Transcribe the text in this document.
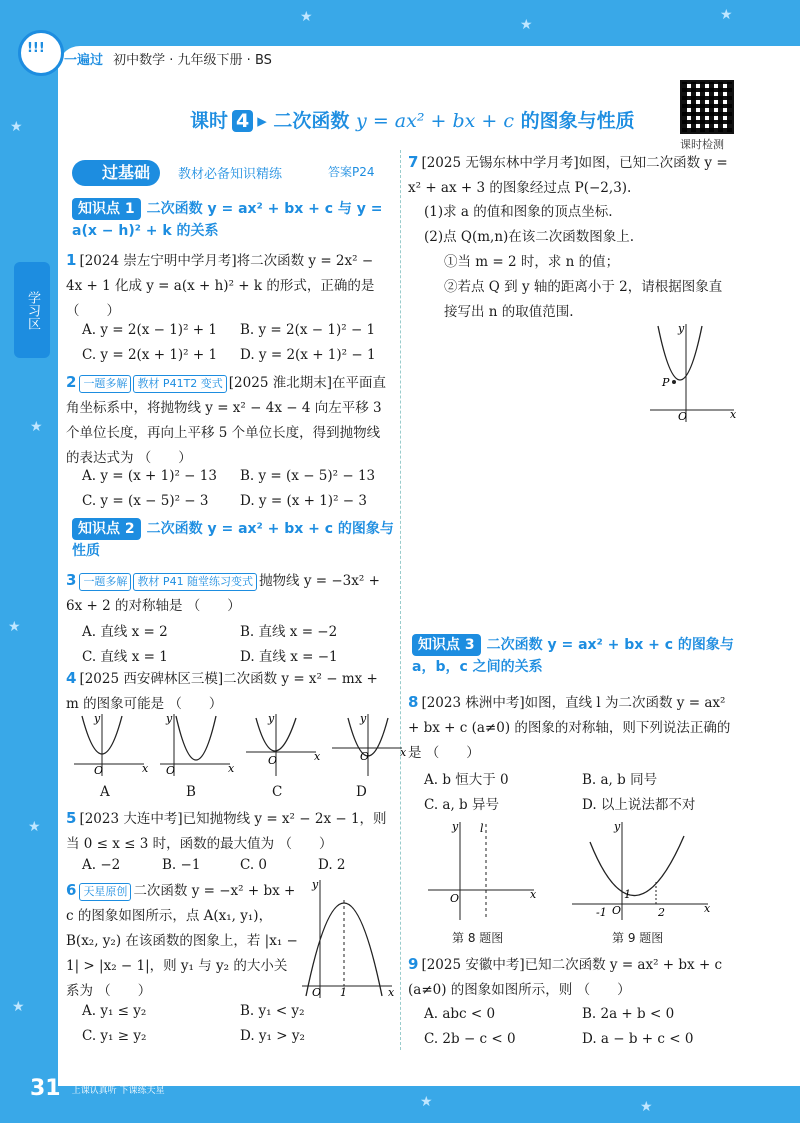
★
★
★
★
★
★	★
★
★	★
!!!
一遍过 初中数学 · 九年级下册 · BS
课时检测
课时 4 ▸ 二次函数 y = ax² + bx + c 的图象与性质
学习区
过基础	教材必备知识精练	答案P24
知识点 1 二次函数 y = ax² + bx + c 与 y = a(x − h)² + k 的关系
1 [2024 崇左宁明中学月考]将二次函数 y = 2x² − 4x + 1 化成 y = a(x + h)² + k 的形式，正确的是 （　　）
A. y = 2(x − 1)² + 1 B. y = 2(x − 1)² − 1
C. y = 2(x + 1)² + 1 D. y = 2(x + 1)² − 1
2 一题多解 教材 P41T2 变式 [2025 淮北期末]在平面直角坐标系中，将抛物线 y = x² − 4x − 4 向左平移 3 个单位长度，再向上平移 5 个单位长度，得到抛物线的表达式为 （　　）
A. y = (x + 1)² − 13 B. y = (x − 5)² − 13
C. y = (x − 5)² − 3 D. y = (x + 1)² − 3
知识点 2 二次函数 y = ax² + bx + c 的图象与性质
3 一题多解 教材 P41 随堂练习变式 抛物线 y = −3x² + 6x + 2 的对称轴是 （　　）
A. 直线 x = 2	B. 直线 x = −2
C. 直线 x = 1	D. 直线 x = −1
4 [2025 西安碑林区三模]二次函数 y = x² − mx + m 的图象可能是 （　　）
O	x
y
O	x
y
O	x
y
O	x
y
A	B	C	D
5 [2023 大连中考]已知抛物线 y = x² − 2x − 1，则当 0 ≤ x ≤ 3 时，函数的最大值为 （　　）
A. −2	B. −1	C. 0	D. 2
6 天星原创 二次函数 y = −x² + bx + c 的图象如图所示，点 A(x₁, y₁)，B(x₂, y₂) 在该函数的图象上，若 |x₁ − 1| > |x₂ − 1|，则 y₁ 与 y₂ 的大小关系为 （　　）	O 1	x
y
A. y₁ ≤ y₂	B. y₁ < y₂
C. y₁ ≥ y₂	D. y₁ > y₂
7 [2025 无锡东林中学月考]如图，已知二次函数 y = x² + ax + 3 的图象经过点 P(−2,3).
(1)求 a 的值和图象的顶点坐标.
(2)点 Q(m,n)在该二次函数图象上.
①当 m = 2 时，求 n 的值；
②若点 Q 到 y 轴的距离小于 2，请根据图象直接写出 n 的取值范围.
P
O	x
y
知识点 3 二次函数 y = ax² + bx + c 的图象与 a，b，c 之间的关系
8 [2023 株洲中考]如图，直线 l 为二次函数 y = ax² + bx + c (a≠0) 的图象的对称轴，则下列说法正确的是 （　　）
A. b 恒大于 0	B. a, b 同号
C. a, b 异号	D. 以上说法都不对
O	x
y l
第 8 题图
1
O
-1	2	x
y
第 9 题图
9 [2025 安徽中考]已知二次函数 y = ax² + bx + c (a≠0) 的图象如图所示，则 （　　）
A. abc < 0	B. 2a + b < 0
C. 2b − c < 0	D. a − b + c < 0
31 上课认真听 下课练天星
